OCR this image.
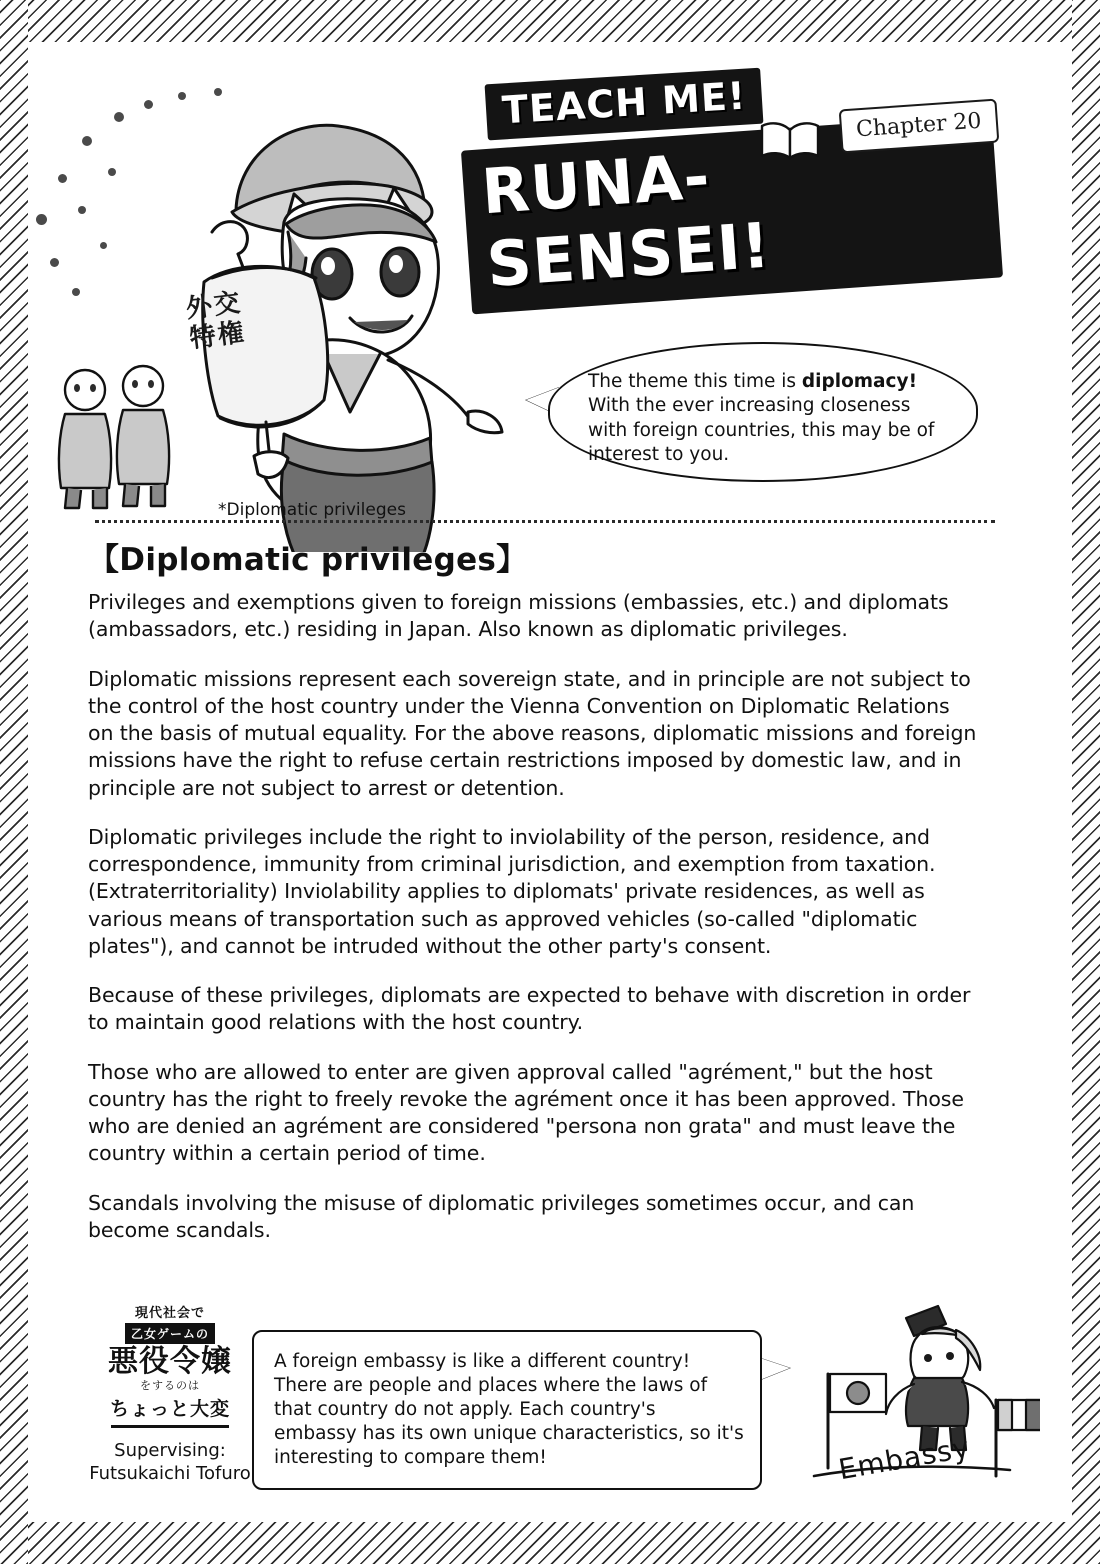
外交
特権
*Diplomatic privileges
TEACH ME!
RUNA-SENSEI!
Chapter 20
The theme this time is diplomacy!
With the ever increasing closeness with foreign countries, this may be of interest to you.
【Diplomatic privileges】

Privileges and exemptions given to foreign missions (embassies, etc.) and diplomats (ambassadors, etc.) residing in Japan. Also known as diplomatic privileges.

Diplomatic missions represent each sovereign state, and in principle are not subject to the control of the host country under the Vienna Convention on Diplomatic Relations on the basis of mutual equality. For the above reasons, diplomatic missions and foreign missions have the right to refuse certain restrictions imposed by domestic law, and in principle are not subject to arrest or detention.

Diplomatic privileges include the right to inviolability of the person, residence, and correspondence, immunity from criminal jurisdiction, and exemption from taxation. (Extraterritoriality) Inviolability applies to diplomats' private residences, as well as various means of transportation such as approved vehicles (so-called "diplomatic plates"), and cannot be intruded without the other party's consent.

Because of these privileges, diplomats are expected to behave with discretion in order to maintain good relations with the host country.

Those who are allowed to enter are given approval called "agrément," but the host country has the right to freely revoke the agrément once it has been approved. Those who are denied an agrément are considered "persona non grata" and must leave the country within a certain period of time.

Scandals involving the misuse of diplomatic privileges sometimes occur, and can become scandals.

現代社会で
乙女ゲームの
悪役令嬢
をするのは
ちょっと大変
Supervising:
Futsukaichi Tofuro
A foreign embassy is like a different country! There are people and places where the laws of that country do not apply. Each country's embassy has its own unique characteristics, so it's interesting to compare them!	Embassy
